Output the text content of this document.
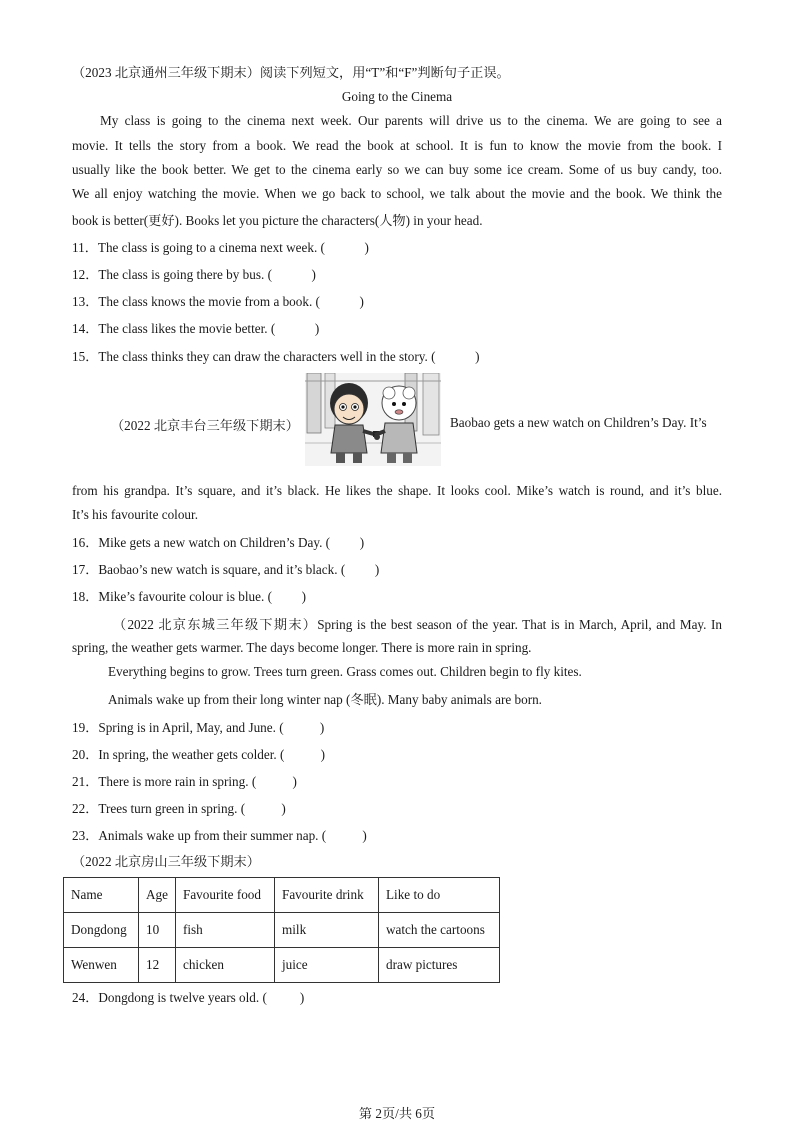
（2023 北京通州三年级下期末）阅读下列短文，用“T”和“F”判断句子正误。
Going to the Cinema
My class is going to the cinema next week. Our parents will drive us to the cinema. We are going to see a
movie. It tells the story from a book. We read the book at school. It is fun to know the movie from the book. I
usually like the book better. We get to the cinema early so we can buy some ice cream. Some of us buy candy, too.
We all enjoy watching the movie. When we go back to school, we talk about the movie and the book. We think the
book is better(更好). Books let you picture the characters(人物) in your head.
11．The class is going to a cinema next week. (            )
12．The class is going there by bus. (            )
13．The class knows the movie from a book. (            )
14．The class likes the movie better. (            )
15．The class thinks they can draw the characters well in the story. (            )
（2022 北京丰台三年级下期末）	Baobao gets a new watch on Children’s Day. It’s
from his grandpa. It’s square, and it’s black. He likes the shape. It looks cool. Mike’s watch is round, and it’s blue.
It’s his favourite colour.
16．Mike gets a new watch on Children’s Day. (         )
17．Baobao’s new watch is square, and it’s black. (         )
18．Mike’s favourite colour is blue. (         )
（2022 北京东城三年级下期末）Spring is the best season of the year. That is in March, April, and May. In
spring, the weather gets warmer. The days become longer. There is more rain in spring.
Everything begins to grow. Trees turn green. Grass comes out. Children begin to fly kites.
Animals wake up from their long winter nap (冬眠). Many baby animals are born.
19．Spring is in April, May, and June. (           )
20．In spring, the weather gets colder. (           )
21．There is more rain in spring. (           )
22．Trees turn green in spring. (           )
23．Animals wake up from their summer nap. (           )
（2022 北京房山三年级下期末）
Name	Age	Favourite food	Favourite drink	Like to do
Dongdong	10	fish	milk	watch the cartoons
Wenwen	12	chicken	juice	draw pictures
24．Dongdong is twelve years old. (          )
第 2页/共 6页
